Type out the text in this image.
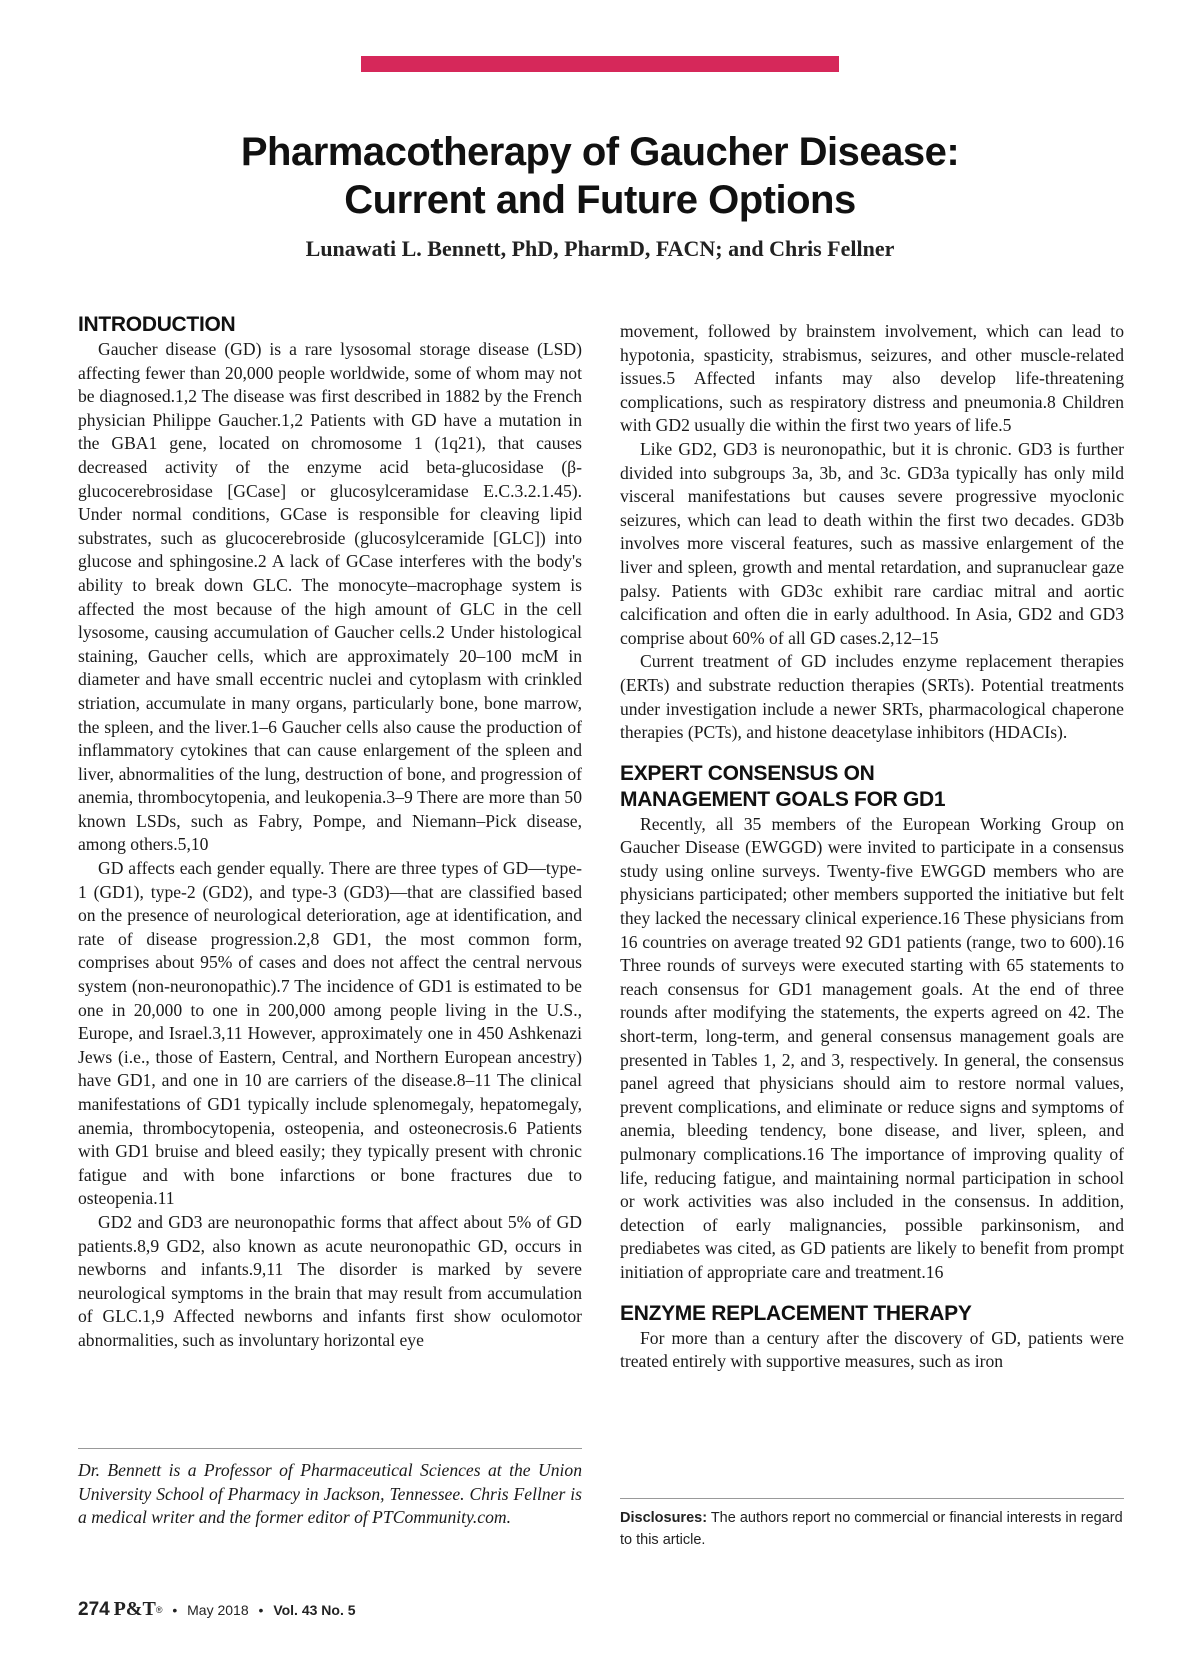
Pharmacotherapy of Gaucher Disease:
Current and Future Options
Lunawati L. Bennett, PhD, PharmD, FACN; and Chris Fellner
INTRODUCTION

Gaucher disease (GD) is a rare lysosomal storage disease (LSD) affecting fewer than 20,000 people worldwide, some of whom may not be diagnosed.1,2 The disease was first described in 1882 by the French physician Philippe Gaucher.1,2 Patients with GD have a mutation in the GBA1 gene, located on chromosome 1 (1q21), that causes decreased activity of the enzyme acid beta-glucosidase (β-glucocerebrosidase [GCase] or glucosylceramidase E.C.3.2.1.45). Under normal conditions, GCase is responsible for cleaving lipid substrates, such as glucocerebroside (glucosylceramide [GLC]) into glucose and sphingosine.2 A lack of GCase interferes with the body's ability to break down GLC. The monocyte–macrophage system is affected the most because of the high amount of GLC in the cell lysosome, causing accumulation of Gaucher cells.2 Under histological staining, Gaucher cells, which are approximately 20–100 mcM in diameter and have small eccentric nuclei and cytoplasm with crinkled striation, accumulate in many organs, particularly bone, bone marrow, the spleen, and the liver.1–6 Gaucher cells also cause the production of inflammatory cytokines that can cause enlargement of the spleen and liver, abnormalities of the lung, destruction of bone, and progression of anemia, thrombocytopenia, and leukopenia.3–9 There are more than 50 known LSDs, such as Fabry, Pompe, and Niemann–Pick disease, among others.5,10

GD affects each gender equally. There are three types of GD—type-1 (GD1), type-2 (GD2), and type-3 (GD3)—that are classified based on the presence of neurological deterioration, age at identification, and rate of disease progression.2,8 GD1, the most common form, comprises about 95% of cases and does not affect the central nervous system (non-neuronopathic).7 The incidence of GD1 is estimated to be one in 20,000 to one in 200,000 among people living in the U.S., Europe, and Israel.3,11 However, approximately one in 450 Ashkenazi Jews (i.e., those of Eastern, Central, and Northern European ancestry) have GD1, and one in 10 are carriers of the disease.8–11 The clinical manifestations of GD1 typically include splenomegaly, hepatomegaly, anemia, thrombocytopenia, osteopenia, and osteonecrosis.6 Patients with GD1 bruise and bleed easily; they typically present with chronic fatigue and with bone infarctions or bone fractures due to osteopenia.11

GD2 and GD3 are neuronopathic forms that affect about 5% of GD patients.8,9 GD2, also known as acute neuronopathic GD, occurs in newborns and infants.9,11 The disorder is marked by severe neurological symptoms in the brain that may result from accumulation of GLC.1,9 Affected newborns and infants first show oculomotor abnormalities, such as involuntary horizontal eye

movement, followed by brainstem involvement, which can lead to hypotonia, spasticity, strabismus, seizures, and other muscle-related issues.5 Affected infants may also develop life-threatening complications, such as respiratory distress and pneumonia.8 Children with GD2 usually die within the first two years of life.5

Like GD2, GD3 is neuronopathic, but it is chronic. GD3 is further divided into subgroups 3a, 3b, and 3c. GD3a typically has only mild visceral manifestations but causes severe progressive myoclonic seizures, which can lead to death within the first two decades. GD3b involves more visceral features, such as massive enlargement of the liver and spleen, growth and mental retardation, and supranuclear gaze palsy. Patients with GD3c exhibit rare cardiac mitral and aortic calcification and often die in early adulthood. In Asia, GD2 and GD3 comprise about 60% of all GD cases.2,12–15

Current treatment of GD includes enzyme replacement therapies (ERTs) and substrate reduction therapies (SRTs). Potential treatments under investigation include a newer SRTs, pharmacological chaperone therapies (PCTs), and histone deacetylase inhibitors (HDACIs).

EXPERT CONSENSUS ON
MANAGEMENT GOALS FOR GD1

Recently, all 35 members of the European Working Group on Gaucher Disease (EWGGD) were invited to participate in a consensus study using online surveys. Twenty-five EWGGD members who are physicians participated; other members supported the initiative but felt they lacked the necessary clinical experience.16 These physicians from 16 countries on average treated 92 GD1 patients (range, two to 600).16 Three rounds of surveys were executed starting with 65 statements to reach consensus for GD1 management goals. At the end of three rounds after modifying the statements, the experts agreed on 42. The short-term, long-term, and general consensus management goals are presented in Tables 1, 2, and 3, respectively. In general, the consensus panel agreed that physicians should aim to restore normal values, prevent complications, and eliminate or reduce signs and symptoms of anemia, bleeding tendency, bone disease, and liver, spleen, and pulmonary complications.16 The importance of improving quality of life, reducing fatigue, and maintaining normal participation in school or work activities was also included in the consensus. In addition, detection of early malignancies, possible parkinsonism, and prediabetes was cited, as GD patients are likely to benefit from prompt initiation of appropriate care and treatment.16

ENZYME REPLACEMENT THERAPY

For more than a century after the discovery of GD, patients were treated entirely with supportive measures, such as iron

Dr. Bennett is a Professor of Pharmaceutical Sciences at the Union University School of Pharmacy in Jackson, Tennessee. Chris Fellner is a medical writer and the former editor of PTCommunity.com.	Disclosures: The authors report no commercial or financial interests in regard to this article.
274 P&T® • May 2018 • Vol. 43 No. 5
